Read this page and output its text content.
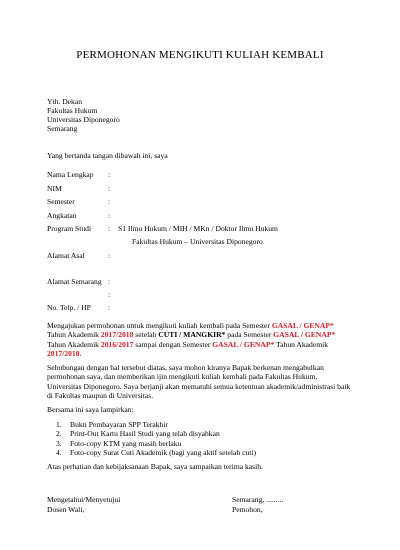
PERMOHONAN MENGIKUTI KULIAH KEMBALI
Yth. Dekan
Fakultas Hukum
Universitas Diponegoro
Semarang
Yang bertanda tangan dibawah ini, saya
Nama Lengkap :
NIM	:
Semester	:
Angkatan	:
Program Studi : S1 Ilmu Hukum / MIH / MKn / Doktor Ilmu Hukum
Fakultas Hukum – Universitas Diponegoro
Alamat Asal	:
Alamat Semarang :
:
No. Telp. / HP :
Mengajukan permohonan untuk mengikuti kuliah kembali pada Semester GASAL / GENAP*
Tahun Akademik 2017/2018 setelah CUTI / MANGKIR* pada Semester GASAL / GENAP*
Tahun Akademik 2016/2017 sampai dengan Semester GASAL / GENAP* Tahun Akademik
2017/2018.
Sehubungan dengan hal tersebut diatas, saya mohon kiranya Bapak berkenan mengabulkan permohonan saya, dan memberikan ijin mengikuti kuliah kembali pada Fakultas Hukum, Universitas Diponegoro. Saya berjanji akan mematuhi semua ketentuan akademik/administrasi baik di Fakultas maupun di Universitas.
Bersama ini saya lampirkan:
1. Bukti Pembayaran SPP Terakhir
2. Print-Out Kartu Hasil Studi yang telah disyahkan
3. Foto-copy KTM yang masih berlaku
4. Foto-copy Surat Cuti Akademik (bagi yang aktif setelah cuti)
Atas perhatian dan kebijaksanaan Bapak, saya sampaikan terima kasih.
Mengetahui/Menyetujui
Dosen Wali,
Semarang, .........
Pemohon,
